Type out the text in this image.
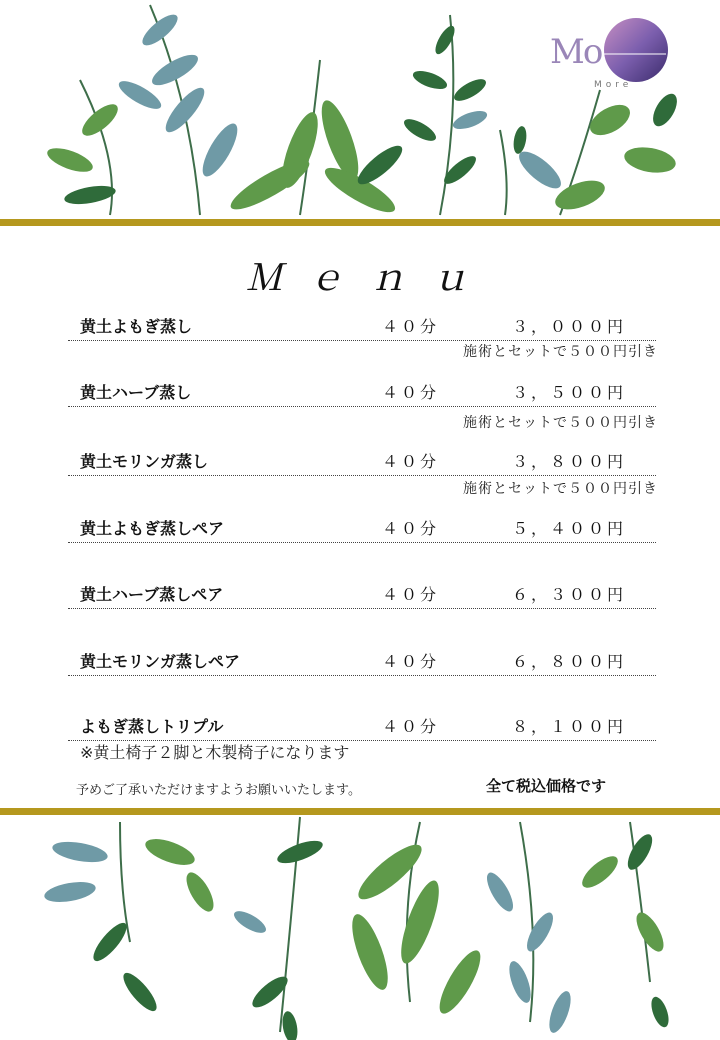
Mo
More
Ｍｅｎｕ
黄土よもぎ蒸し	４０分	３，０００円
施術とセットで５００円引き
黄土ハーブ蒸し	４０分	３，５００円
施術とセットで５００円引き
黄土モリンガ蒸し	４０分	３，８００円
施術とセットで５００円引き
黄土よもぎ蒸しペア	４０分	５，４００円
黄土ハーブ蒸しペア	４０分	６，３００円
黄土モリンガ蒸しペア	４０分	６，８００円
よもぎ蒸しトリプル	４０分	８，１００円
※黄土椅子２脚と木製椅子になります
予めご了承いただけますようお願いいたします。	全て税込価格です
